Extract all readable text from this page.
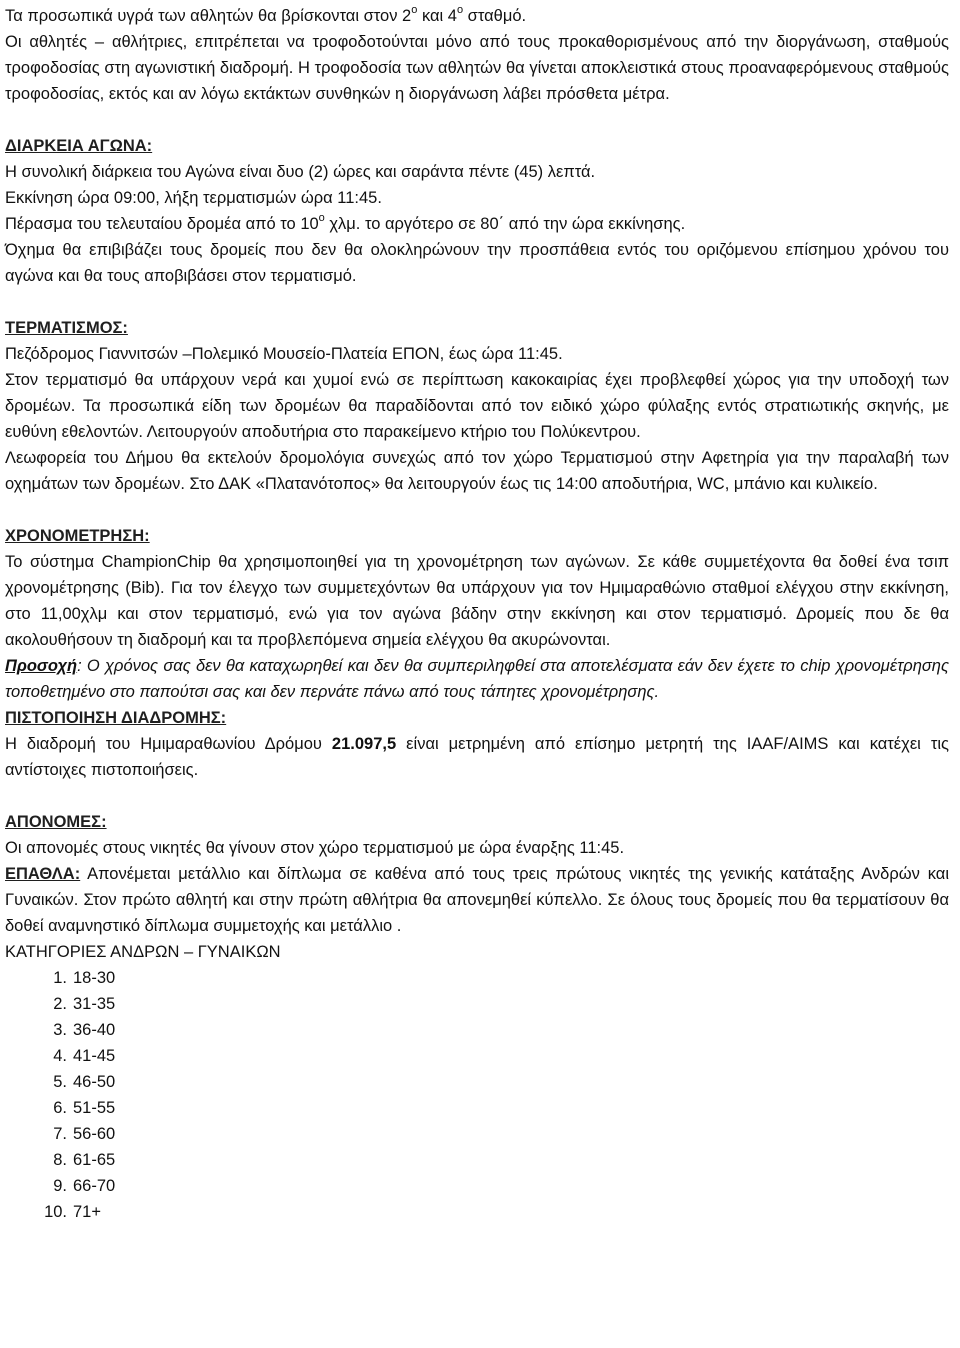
Τα προσωπικά υγρά των αθλητών θα βρίσκονται στον $2^o$ και $4^o$ σταθμό.

Οι αθλητές – αθλήτριες, επιτρέπεται να τροφοδοτούνται μόνο από τους προκαθορισμένους από την διοργάνωση, σταθμούς τροφοδοσίας στη αγωνιστική διαδρομή. Η τροφοδοσία των αθλητών θα γίνεται αποκλειστικά στους προαναφερόμενους σταθμούς τροφοδοσίας, εκτός και αν λόγω εκτάκτων συνθηκών η διοργάνωση λάβει πρόσθετα μέτρα.

ΔΙΑΡΚΕΙΑ ΑΓΩΝΑ:

Η συνολική διάρκεια του Αγώνα είναι δυο (2) ώρες και σαράντα πέντε (45) λεπτά.

Εκκίνηση ώρα 09:00, λήξη τερματισμών ώρα 11:45.

Πέρασμα του τελευταίου δρομέα από το $10^o$ χλμ. το αργότερο σε 80΄ από την ώρα εκκίνησης.

Όχημα θα επιβιβάζει τους δρομείς που δεν θα ολοκληρώνουν την προσπάθεια εντός του οριζόμενου επίσημου χρόνου του αγώνα και θα τους αποβιβάσει στον τερματισμό.

ΤΕΡΜΑΤΙΣΜΟΣ:

Πεζόδρομος Γιαννιτσών –Πολεμικό Μουσείο-Πλατεία ΕΠΟΝ, έως ώρα 11:45.

Στον τερματισμό θα υπάρχουν νερά και χυμοί ενώ σε περίπτωση κακοκαιρίας έχει προβλεφθεί χώρος για την υποδοχή των δρομέων. Τα προσωπικά είδη των δρομέων θα παραδίδονται από τον ειδικό χώρο φύλαξης εντός στρατιωτικής σκηνής, με ευθύνη εθελοντών. Λειτουργούν αποδυτήρια στο παρακείμενο κτήριο του Πολύκεντρου.

Λεωφορεία του Δήμου θα εκτελούν δρομολόγια συνεχώς από τον χώρο Τερματισμού στην Αφετηρία για την παραλαβή των οχημάτων των δρομέων. Στο ΔΑΚ «Πλατανότοπος» θα λειτουργούν έως τις 14:00 αποδυτήρια, WC, μπάνιο και κυλικείο.

ΧΡΟΝΟΜΕΤΡΗΣΗ:

Το σύστημα ChampionChip θα χρησιμοποιηθεί για τη χρονομέτρηση των αγώνων. Σε κάθε συμμετέχοντα θα δοθεί ένα τσιπ χρονομέτρησης (Bib). Για τον έλεγχο των συμμετεχόντων θα υπάρχουν για τον Ημιμαραθώνιο σταθμοί ελέγχου στην εκκίνηση, στο 11,00χλμ και στον τερματισμό, ενώ για τον αγώνα βάδην στην εκκίνηση και στον τερματισμό. Δρομείς που δε θα ακολουθήσουν τη διαδρομή και τα προβλεπόμενα σημεία ελέγχου θα ακυρώνονται.

Προσοχή: Ο χρόνος σας δεν θα καταχωρηθεί και δεν θα συμπεριληφθεί στα αποτελέσματα εάν δεν έχετε το chip χρονομέτρησης τοποθετημένο στο παπούτσι σας και δεν περνάτε πάνω από τους τάπητες χρονομέτρησης.

ΠΙΣΤΟΠΟΙΗΣΗ ΔΙΑΔΡΟΜΗΣ:

Η διαδρομή του Ημιμαραθωνίου Δρόμου 21.097,5 είναι μετρημένη από επίσημο μετρητή της IAAF/AIMS και κατέχει τις αντίστοιχες πιστοποιήσεις.

ΑΠΟΝΟΜΕΣ:

Οι απονομές στους νικητές θα γίνουν στον χώρο τερματισμού με ώρα έναρξης 11:45.

ΕΠΑΘΛΑ: Απονέμεται μετάλλιο και δίπλωμα σε καθένα από τους τρεις πρώτους νικητές της γενικής κατάταξης Ανδρών και Γυναικών. Στον πρώτο αθλητή και στην πρώτη αθλήτρια θα απονεμηθεί κύπελλο. Σε όλους τους δρομείς που θα τερματίσουν θα δοθεί αναμνηστικό δίπλωμα συμμετοχής και μετάλλιο .

ΚΑΤΗΓΟΡΙΕΣ ΑΝΔΡΩΝ – ΓΥΝΑΙΚΩΝ

1. 18-30
2. 31-35
3. 36-40
4. 41-45
5. 46-50
6. 51-55
7. 56-60
8. 61-65
9. 66-70
10. 71+
